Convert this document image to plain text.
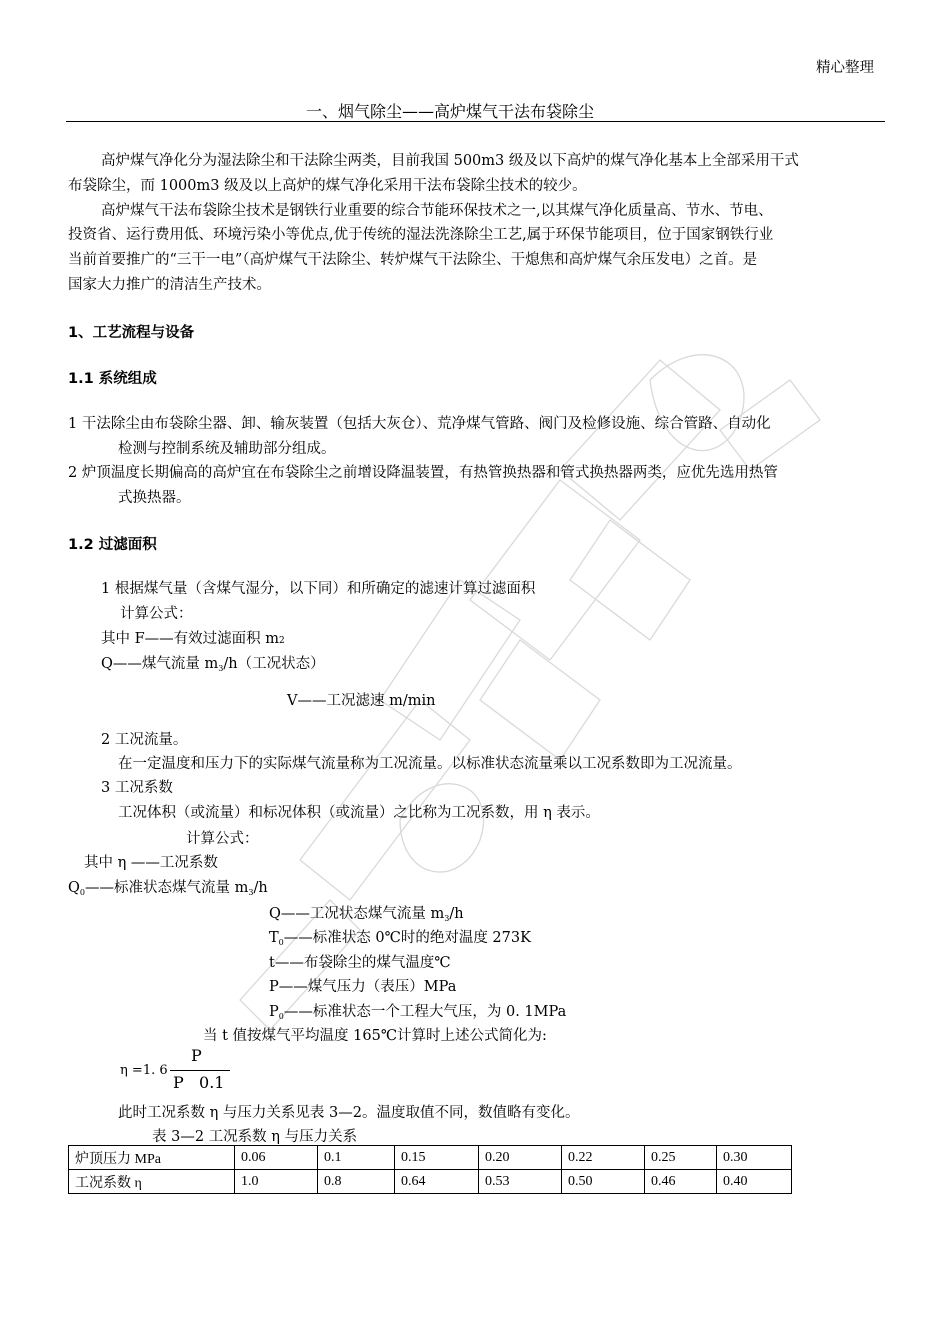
精心整理
一、烟气除尘——高炉煤气干法布袋除尘
高炉煤气净化分为湿法除尘和干法除尘两类，目前我国 500m3 级及以下高炉的煤气净化基本上全部采用干式
布袋除尘，而 1000m3 级及以上高炉的煤气净化采用干法布袋除尘技术的较少。
高炉煤气干法布袋除尘技术是钢铁行业重要的综合节能环保技术之一,以其煤气净化质量高、节水、节电、
投资省、运行费用低、环境污染小等优点,优于传统的湿法洗涤除尘工艺,属于环保节能项目，位于国家钢铁行业
当前首要推广的“三干一电”（高炉煤气干法除尘、转炉煤气干法除尘、干熄焦和高炉煤气余压发电）之首。是
国家大力推广的清洁生产技术。
1、工艺流程与设备
1.1 系统组成
1 干法除尘由布袋除尘器、卸、输灰装置（包括大灰仓）、荒净煤气管路、阀门及检修设施、综合管路、自动化
检测与控制系统及辅助部分组成。
2 炉顶温度长期偏高的高炉宜在布袋除尘之前增设降温装置，有热管换热器和管式换热器两类，应优先选用热管
式换热器。
1.2 过滤面积
1 根据煤气量（含煤气湿分，以下同）和所确定的滤速计算过滤面积
计算公式：
其中 F——有效过滤面积 m2
Q——煤气流量 $m_3/h$（工况状态）
V——工况滤速 m/min
2 工况流量。
在一定温度和压力下的实际煤气流量称为工况流量。以标准状态流量乘以工况系数即为工况流量。
3 工况系数
工况体积（或流量）和标况体积（或流量）之比称为工况系数，用 η 表示。
计算公式：
其中 η ——工况系数
$Q_0——$标准状态煤气流量 $m_3/h$
Q——工况状态煤气流量 $m_3/h$
$T_0——$标准状态 0℃时的绝对温度 273K
t——布袋除尘的煤气温度℃
P——煤气压力（表压）MPa
$P_0——$标准状态一个工程大气压，为 0. 1MPa
当 t 值按煤气平均温度 165℃计算时上述公式简化为:
η =1. 6
P
P   0.1
此时工况系数 η 与压力关系见表 3—2。温度取值不同，数值略有变化。
表 3—2 工况系数 η 与压力关系
炉顶压力 MPa	0.06	0.1	0.15	0.20	0.22	0.25	0.30
工况系数 η	1.0	0.8	0.64	0.53	0.50	0.46	0.40
